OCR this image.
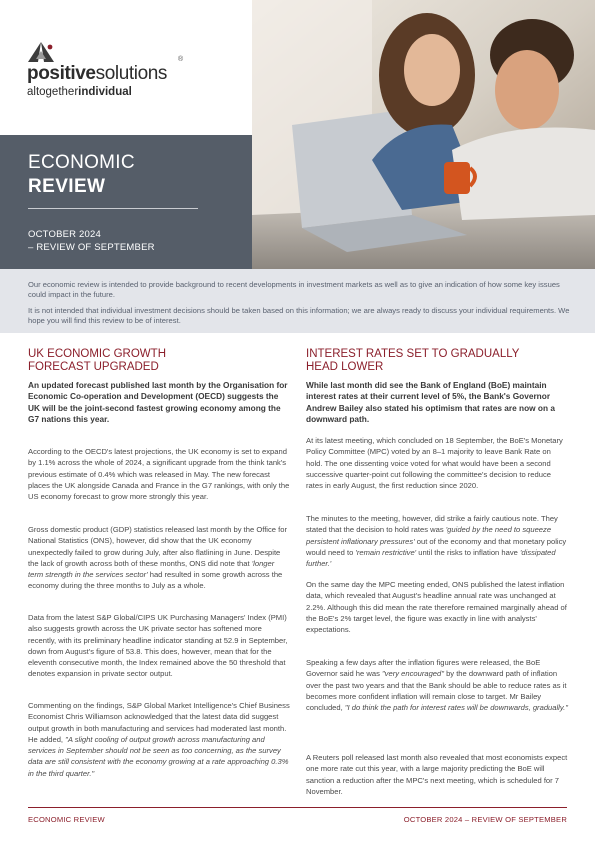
positivesolutions
®
altogetherindividual
ECONOMIC
REVIEW
OCTOBER 2024
– REVIEW OF SEPTEMBER

Our economic review is intended to provide background to recent developments in investment markets as well as to give an indication of how some key issues could impact in the future.

It is not intended that individual investment decisions should be taken based on this information; we are always ready to discuss your individual requirements. We hope you will find this review to be of interest.

UK ECONOMIC GROWTH
FORECAST UPGRADED

An updated forecast published last month by the Organisation for Economic Co-operation and Development (OECD) suggests the UK will be the joint-second fastest growing economy among the G7 nations this year.

According to the OECD's latest projections, the UK economy is set to expand by 1.1% across the whole of 2024, a significant upgrade from the think tank's previous estimate of 0.4% which was released in May. The new forecast places the UK alongside Canada and France in the G7 rankings, with only the US economy forecast to grow more strongly this year.

Gross domestic product (GDP) statistics released last month by the Office for National Statistics (ONS), however, did show that the UK economy unexpectedly failed to grow during July, after also flatlining in June. Despite the lack of growth across both of these months, ONS did note that 'longer term strength in the services sector' had resulted in some growth across the economy during the three months to July as a whole.

Data from the latest S&P Global/CIPS UK Purchasing Managers' Index (PMI) also suggests growth across the UK private sector has softened more recently, with its preliminary headline indicator standing at 52.9 in September, down from August's figure of 53.8. This does, however, mean that for the eleventh consecutive month, the Index remained above the 50 threshold that denotes expansion in private sector output.

Commenting on the findings, S&P Global Market Intelligence's Chief Business Economist Chris Williamson acknowledged that the latest data did suggest output growth in both manufacturing and services had moderated last month. He added, "A slight cooling of output growth across manufacturing and services in September should not be seen as too concerning, as the survey data are still consistent with the economy growing at a rate approaching 0.3% in the third quarter."

INTEREST RATES SET TO GRADUALLY
HEAD LOWER

While last month did see the Bank of England (BoE) maintain interest rates at their current level of 5%, the Bank's Governor Andrew Bailey also stated his optimism that rates are now on a downward path.

At its latest meeting, which concluded on 18 September, the BoE's Monetary Policy Committee (MPC) voted by an 8–1 majority to leave Bank Rate on hold. The one dissenting voice voted for what would have been a second successive quarter-point cut following the committee's decision to reduce rates in early August, the first reduction since 2020.

The minutes to the meeting, however, did strike a fairly cautious note. They stated that the decision to hold rates was 'guided by the need to squeeze persistent inflationary pressures' out of the economy and that monetary policy would need to 'remain restrictive' until the risks to inflation have 'dissipated further.'

On the same day the MPC meeting ended, ONS published the latest inflation data, which revealed that August's headline annual rate was unchanged at 2.2%. Although this did mean the rate therefore remained marginally ahead of the BoE's 2% target level, the figure was exactly in line with analysts' expectations.

Speaking a few days after the inflation figures were released, the BoE Governor said he was "very encouraged" by the downward path of inflation over the past two years and that the Bank should be able to reduce rates as it becomes more confident inflation will remain close to target. Mr Bailey concluded, "I do think the path for interest rates will be downwards, gradually."

A Reuters poll released last month also revealed that most economists expect one more rate cut this year, with a large majority predicting the BoE will sanction a reduction after the MPC's next meeting, which is scheduled for 7 November.

ECONOMIC REVIEW	OCTOBER 2024 – REVIEW OF SEPTEMBER
